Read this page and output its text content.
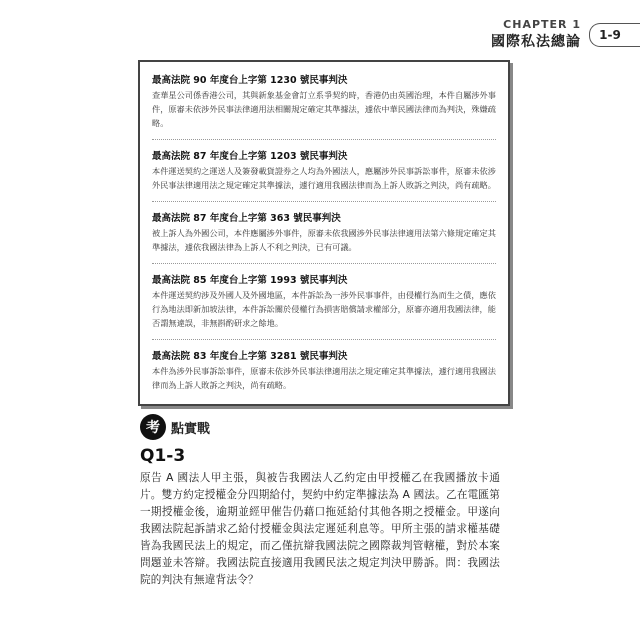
CHAPTER 1
國際私法總論	1-9

最高法院 90 年度台上字第 1230 號民事判決

查華星公司係香港公司，其與新象基金會訂立系爭契約時，香港仍由英國治理，本件自屬涉外事件，原審未依涉外民事法律適用法相關規定確定其準據法，遽依中華民國法律而為判決，殊嫌疏略。

最高法院 87 年度台上字第 1203 號民事判決

本件運送契約之運送人及簽發載貨證券之人均為外國法人，應屬涉外民事訴訟事件，原審未依涉外民事法律適用法之規定確定其準據法，遽行適用我國法律而為上訴人敗訴之判決，尚有疏略。

最高法院 87 年度台上字第 363 號民事判決

被上訴人為外國公司，本件應屬涉外事件，原審未依我國涉外民事法律適用法第六條規定確定其準據法，遽依我國法律為上訴人不利之判決，已有可議。

最高法院 85 年度台上字第 1993 號民事判決

本件運送契約涉及外國人及外國地區，本件訴訟為一涉外民事事件，由侵權行為而生之債，應依行為地法即新加坡法律，本件訴訟關於侵權行為損害賠償請求權部分，原審亦適用我國法律，能否謂無違誤，非無斟酌研求之餘地。

最高法院 83 年度台上字第 3281 號民事判決

本件為涉外民事訴訟事件，原審未依涉外民事法律適用法之規定確定其準據法，遽行適用我國法律而為上訴人敗訴之判決，尚有疏略。

考 點實戰
Q1-3

原告 A 國法人甲主張，與被告我國法人乙約定由甲授權乙在我國播放卡通片。雙方約定授權金分四期給付，契約中約定準據法為 A 國法。乙在電匯第一期授權金後，逾期並經甲催告仍藉口拖延給付其他各期之授權金。甲遂向我國法院起訴請求乙給付授權金與法定遲延利息等。甲所主張的請求權基礎皆為我國民法上的規定，而乙僅抗辯我國法院之國際裁判管轄權，對於本案問題並未答辯。我國法院直接適用我國民法之規定判決甲勝訴。問：我國法院的判決有無違背法令？
